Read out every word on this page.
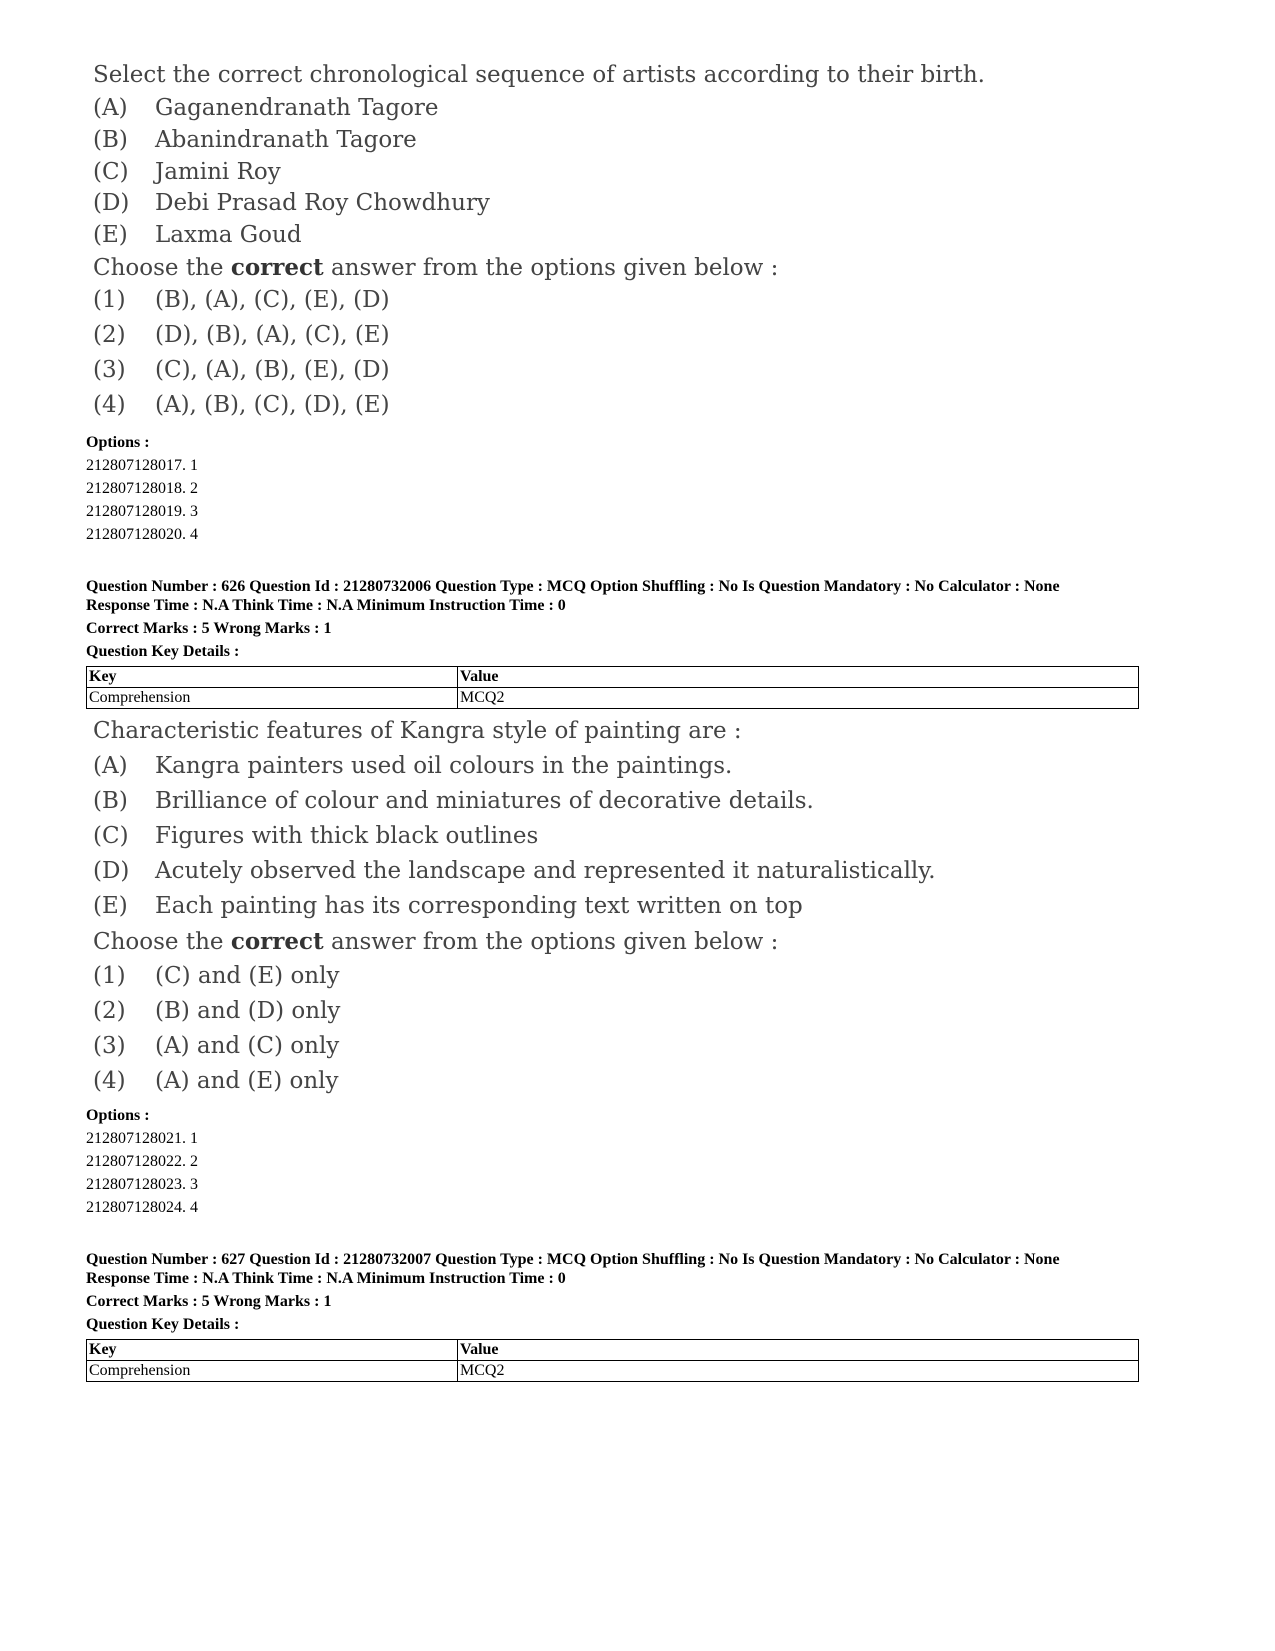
Select the correct chronological sequence of artists according to their birth.
(A)	Gaganendranath Tagore
(B)	Abanindranath Tagore
(C)	Jamini Roy
(D)	Debi Prasad Roy Chowdhury
(E)	Laxma Goud
Choose the correct answer from the options given below :
(1)	(B), (A), (C), (E), (D)
(2)	(D), (B), (A), (C), (E)
(3)	(C), (A), (B), (E), (D)
(4)	(A), (B), (C), (D), (E)
Options :
212807128017. 1
212807128018. 2
212807128019. 3
212807128020. 4
Question Number : 626 Question Id : 21280732006 Question Type : MCQ Option Shuffling : No Is Question Mandatory : No Calculator : None
Response Time : N.A Think Time : N.A Minimum Instruction Time : 0
Correct Marks : 5 Wrong Marks : 1
Question Key Details :
Key	Value
Comprehension	MCQ2
Characteristic features of Kangra style of painting are :
(A)	Kangra painters used oil colours in the paintings.
(B)	Brilliance of colour and miniatures of decorative details.
(C)	Figures with thick black outlines
(D)	Acutely observed the landscape and represented it naturalistically.
(E)	Each painting has its corresponding text written on top
Choose the correct answer from the options given below :
(1)	(C) and (E) only
(2)	(B) and (D) only
(3)	(A) and (C) only
(4)	(A) and (E) only
Options :
212807128021. 1
212807128022. 2
212807128023. 3
212807128024. 4
Question Number : 627 Question Id : 21280732007 Question Type : MCQ Option Shuffling : No Is Question Mandatory : No Calculator : None
Response Time : N.A Think Time : N.A Minimum Instruction Time : 0
Correct Marks : 5 Wrong Marks : 1
Question Key Details :
Key	Value
Comprehension	MCQ2
